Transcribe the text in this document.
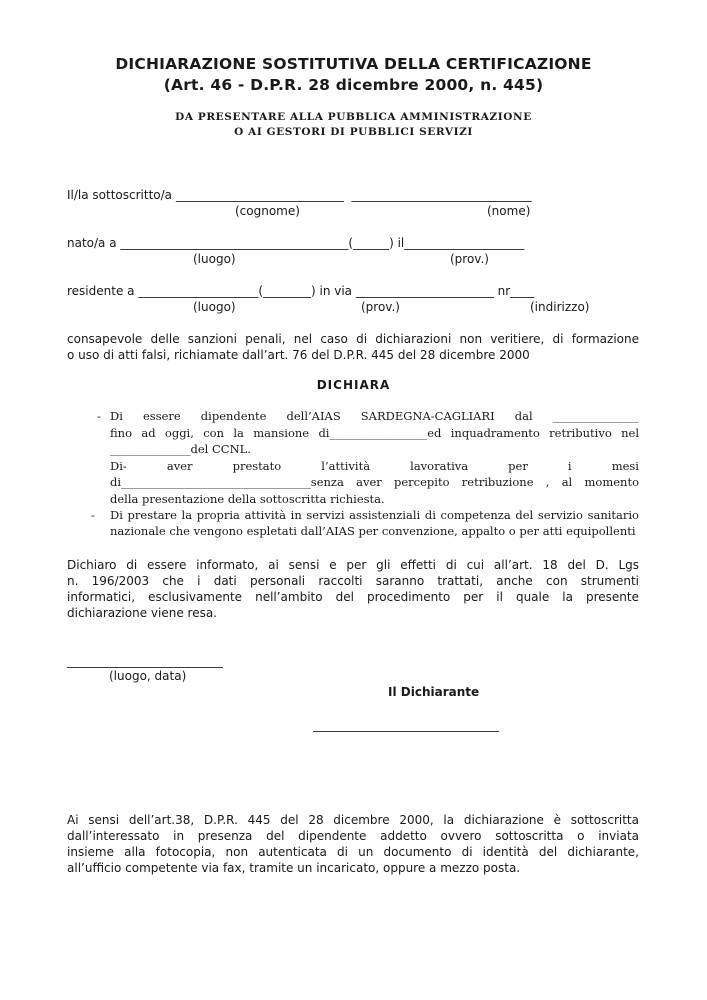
DICHIARAZIONE SOSTITUTIVA DELLA CERTIFICAZIONE
(Art. 46 - D.P.R. 28 dicembre 2000, n. 445)
DA PRESENTARE ALLA PUBBLICA AMMINISTRAZIONE
O AI GESTORI DI PUBBLICI SERVIZI
Il/la sottoscritto/a ____________________________  ______________________________
(cognome)	(nome)
nato/a a ______________________________________(______) il____________________
(luogo)	(prov.)
residente a ____________________(________) in via _______________________ nr____
(luogo)	(prov.)	(indirizzo)
consapevole delle sanzioni penali, nel caso di dichiarazioni non veritiere, di formazione
o uso di atti falsi, richiamate dall’art. 76 del D.P.R. 445 del 28 dicembre 2000
DICHIARA
- Di essere dipendente dell’AIAS SARDEGNA-CAGLIARI dal _______________
fino ad oggi, con la mansione di_________________ed inquadramento retributivo nel
______________del CCNL.
Di- aver prestato l’attività lavorativa per i mesi
di_________________________________senza aver percepito retribuzione , al momento
della presentazione della sottoscritta richiesta.
- Di prestare la propria attività in servizi assistenziali di competenza del servizio sanitario
nazionale che vengono espletati dall’AIAS per convenzione, appalto o per atti equipollenti
Dichiaro di essere informato, ai sensi e per gli effetti di cui all’art. 18 del D. Lgs
n. 196/2003 che i dati personali raccolti saranno trattati, anche con strumenti
informatici, esclusivamente nell’ambito del procedimento per il quale la presente
dichiarazione viene resa.
__________________________
(luogo, data)
Il Dichiarante
_______________________________
Ai sensi dell’art.38, D.P.R. 445 del 28 dicembre 2000, la dichiarazione è sottoscritta
dall’interessato in presenza del dipendente addetto ovvero sottoscritta o inviata
insieme alla fotocopia, non autenticata di un documento di identità del dichiarante,
all’ufficio competente via fax, tramite un incaricato, oppure a mezzo posta.
